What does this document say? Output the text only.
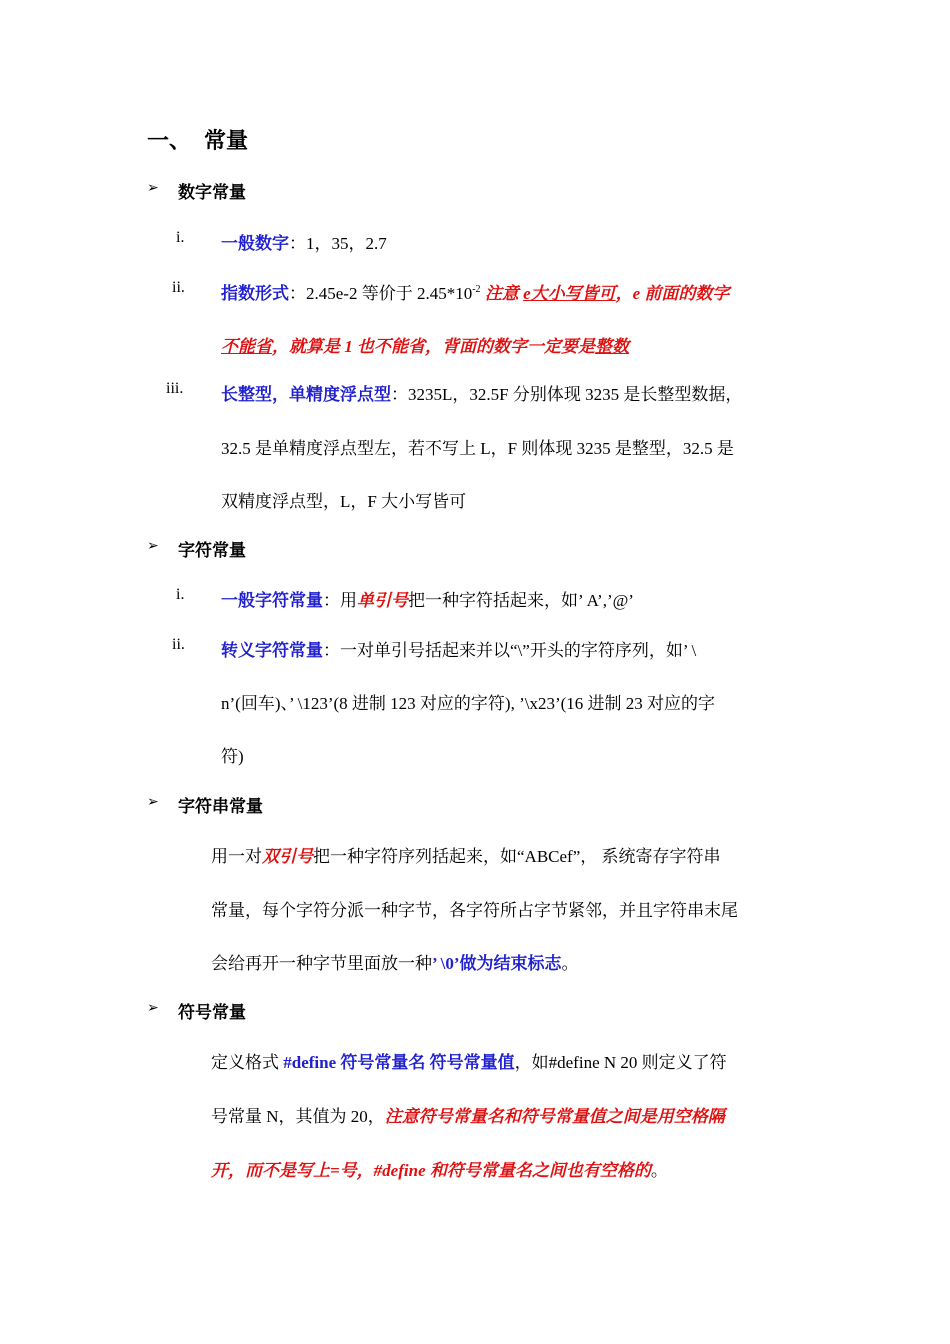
一、 常量
➢ 数字常量
i. 一般数字：1，35，2.7
ii. 指数形式：2.45e-2 等价于 $2.45*10^{-2}$ 注意 e大小写皆可，e 前面的数字
不能省，就算是 1 也不能省，背面的数字一定要是整数
iii. 长整型，单精度浮点型：3235L，32.5F 分别体现 3235 是长整型数据，
32.5 是单精度浮点型左，若不写上 L，F 则体现 3235 是整型，32.5 是
双精度浮点型，L，F 大小写皆可
➢ 字符常量
i. 一般字符常量：用单引号把一种字符括起来，如’ A’,’@’
ii. 转义字符常量：一对单引号括起来并以“\”开头的字符序列，如’ \
n’(回车)、’ \123’(8 进制 123 对应的字符), ’\x23’(16 进制 23 对应的字
符)
➢ 字符串常量
用一对双引号把一种字符序列括起来，如“ABCef”， 系统寄存字符串
常量，每个字符分派一种字节，各字符所占字节紧邻，并且字符串末尾
会给再开一种字节里面放一种’ \0’做为结束标志。
➢ 符号常量
定义格式 #define 符号常量名 符号常量值，如#define N 20 则定义了符
号常量 N，其值为 20，注意符号常量名和符号常量值之间是用空格隔
开，而不是写上=号，#define 和符号常量名之间也有空格的。
